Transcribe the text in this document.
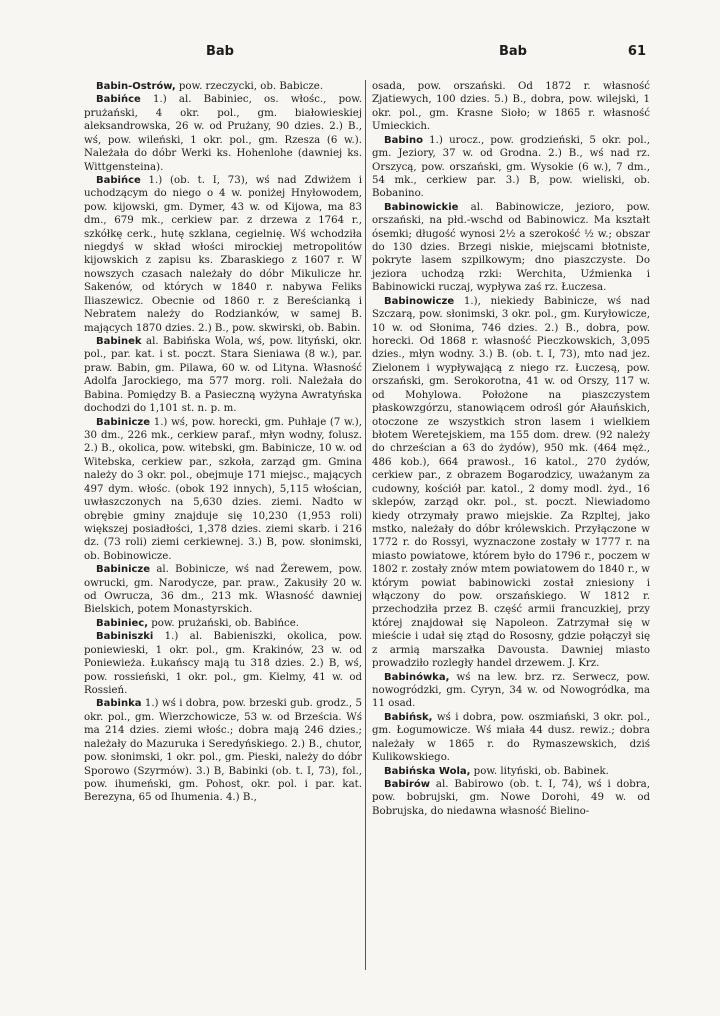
Bab	Bab	61

Babin-Ostrów, pow. rzeczycki, ob. Babicze.

Babińce 1.) al. Babiniec, os. włośc., pow. prużański, 4 okr. pol., gm. białowieskiej aleksandrowska, 26 w. od Prużany, 90 dzies. 2.) B., wś, pow. wileński, 1 okr. pol., gm. Rzesza (6 w.). Należała do dóbr Werki ks. Hohenlohe (dawniej ks. Wittgensteina).

Babińce 1.) (ob. t. I, 73), wś nad Zdwiżem i uchodzącym do niego o 4 w. poniżej Hnyłowodem, pow. kijowski, gm. Dymer, 43 w. od Kijowa, ma 83 dm., 679 mk., cerkiew par. z drzewa z 1764 r., szkółkę cerk., hutę szklana, cegielnię. Wś wchodziła niegdyś w skład włości mirockiej metropolitów kijowskich z zapisu ks. Zbaraskiego z 1607 r. W nowszych czasach należały do dóbr Mikulicze hr. Sakenów, od których w 1840 r. nabywa Feliks Iliaszewicz. Obecnie od 1860 r. z Bereścianką i Nebratem należy do Rodzianków, w samej B. mających 1870 dzies. 2.) B., pow. skwirski, ob. Babin.

Babinek al. Babińska Wola, wś, pow. lityński, okr. pol., par. kat. i st. poczt. Stara Sieniawa (8 w.), par. praw. Babin, gm. Pilawa, 60 w. od Lityna. Własność Adolfa Jarockiego, ma 577 morg. roli. Należała do Babina. Pomiędzy B. a Pasieczną wyżyna Awratyńska dochodzi do 1,101 st. n. p. m.

Babinicze 1.) wś, pow. horecki, gm. Puhłaje (7 w.), 30 dm., 226 mk., cerkiew paraf., młyn wodny, folusz. 2.) B., okolica, pow. witebski, gm. Babinicze, 10 w. od Witebska, cerkiew par., szkoła, zarząd gm. Gmina należy do 3 okr. pol., obejmuje 171 miejsc., mających 497 dym. włośc. (obok 192 innych), 5,115 włościan, uwłaszczonych na 5,630 dzies. ziemi. Nadto w obrębie gminy znajduje się 10,230 (1,953 roli) większej posiadłości, 1,378 dzies. ziemi skarb. i 216 dz. (73 roli) ziemi cerkiewnej. 3.) B, pow. słonimski, ob. Bobinowicze.

Babinicze al. Bobinicze, wś nad Żerewem, pow. owrucki, gm. Narodycze, par. praw., Zakusiły 20 w. od Owrucza, 36 dm., 213 mk. Własność dawniej Bielskich, potem Monastyrskich.

Babiniec, pow. prużański, ob. Babińce.

Babiniszki 1.) al. Babieniszki, okolica, pow. poniewieski, 1 okr. pol., gm. Krakinów, 23 w. od Poniewieża. Łukańscy mają tu 318 dzies. 2.) B, wś, pow. rossieński, 1 okr. pol., gm. Kielmy, 41 w. od Rossień.

Babinka 1.) wś i dobra, pow. brzeski gub. grodz., 5 okr. pol., gm. Wierzchowicze, 53 w. od Brześcia. Wś ma 214 dzies. ziemi włośc.; dobra mają 246 dzies.; należały do Mazuruka i Seredyńskiego. 2.) B., chutor, pow. słonimski, 1 okr. pol., gm. Pieski, należy do dóbr Sporowo (Szyrmów). 3.) B, Babinki (ob. t. I, 73), fol., pow. ihumeński, gm. Pohost, okr. pol. i par. kat. Berezyna, 65 od Ihumenia. 4.) B.,

osada, pow. orszański. Od 1872 r. własność Zjatiewych, 100 dzies. 5.) B., dobra, pow. wilejski, 1 okr. pol., gm. Krasne Sioło; w 1865 r. własność Umieckich.

Babino 1.) urocz., pow. grodzieński, 5 okr. pol., gm. Jeziory, 37 w. od Grodna. 2.) B., wś nad rz. Orszycą, pow. orszański, gm. Wysokie (6 w.), 7 dm., 54 mk., cerkiew par. 3.) B, pow. wieliski, ob. Bobanino.

Babinowickie al. Babinowicze, jezioro, pow. orszański, na płd.-wschd od Babinowicz. Ma kształt ósemki; długość wynosi 2½ a szerokość ½ w.; obszar do 130 dzies. Brzegi niskie, miejscami błotniste, pokryte lasem szpilkowym; dno piaszczyste. Do jeziora uchodzą rzki: Werchita, Uźmienka i Babinowicki ruczaj, wypływa zaś rz. Łuczesa.

Babinowicze 1.), niekiedy Babinicze, wś nad Szczarą, pow. słonimski, 3 okr. pol., gm. Kuryłowicze, 10 w. od Słonima, 746 dzies. 2.) B., dobra, pow. horecki. Od 1868 r. własność Pieczkowskich, 3,095 dzies., młyn wodny. 3.) B. (ob. t. I, 73), mto nad jez. Zielonem i wypływającą z niego rz. Łuczesą, pow. orszański, gm. Serokorotna, 41 w. od Orszy, 117 w. od Mohylowa. Położone na piaszczystem płaskowzgórzu, stanowiącem odrośl gór Ałauńskich, otoczone ze wszystkich stron lasem i wielkiem błotem Weretejskiem, ma 155 dom. drew. (92 należy do chrześcian a 63 do żydów), 950 mk. (464 męż., 486 kob.), 664 prawosł., 16 katol., 270 żydów, cerkiew par., z obrazem Bogarodzicy, uważanym za cudowny, kościół par. katol., 2 domy modl. żyd., 16 sklepów, zarząd okr. pol., st. poczt. Niewiadomo kiedy otrzymały prawo miejskie. Za Rzpltej, jako mstko, należały do dóbr królewskich. Przyłączone w 1772 r. do Rossyi, wyznaczone zostały w 1777 r. na miasto powiatowe, którem było do 1796 r., poczem w 1802 r. zostały znów mtem powiatowem do 1840 r., w którym powiat babinowicki został zniesiony i włączony do pow. orszańskiego. W 1812 r. przechodziła przez B. część armii francuzkiej, przy której znajdował się Napoleon. Zatrzymał się w mieście i udał się ztąd do Rososny, gdzie połączył się z armią marszałka Davousta. Dawniej miasto prowadziło rozległy handel drzewem. J. Krz.

Babinówka, wś na lew. brz. rz. Serwecz, pow. nowogródzki, gm. Cyryn, 34 w. od Nowogródka, ma 11 osad.

Babińsk, wś i dobra, pow. oszmiański, 3 okr. pol., gm. Łogumowicze. Wś miała 44 dusz. rewiz.; dobra należały w 1865 r. do Rymaszewskich, dziś Kulikowskiego.

Babińska Wola, pow. lityński, ob. Babinek.

Babirów al. Babirowo (ob. t. I, 74), wś i dobra, pow. bobrujski, gm. Nowe Dorohi, 49 w. od Bobrujska, do niedawna własność Bielino-
